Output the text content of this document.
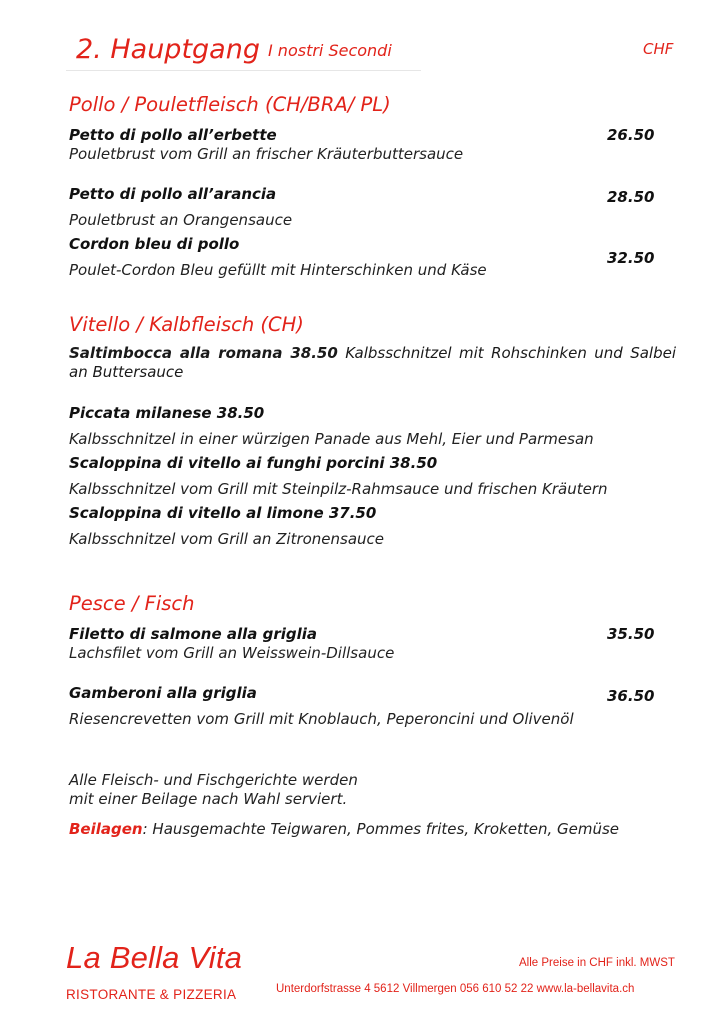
2. Hauptgang I nostri Secondi	CHF
Pollo / Pouletfleisch (CH/BRA/ PL)
Petto di pollo all’erbette
Pouletbrust vom Grill an frischer Kräuterbuttersauce
26.50
Petto di pollo all’arancia
Pouletbrust an Orangensauce
28.50
Cordon bleu di pollo
Poulet-Cordon Bleu gefüllt mit Hinterschinken und Käse
32.50
Vitello / Kalbfleisch (CH)
Saltimbocca alla romana 38.50 Kalbsschnitzel mit Rohschinken und Salbei an Buttersauce
Piccata milanese 38.50
Kalbsschnitzel in einer würzigen Panade aus Mehl, Eier und Parmesan
Scaloppina di vitello ai funghi porcini 38.50
Kalbsschnitzel vom Grill mit Steinpilz-Rahmsauce und frischen Kräutern
Scaloppina di vitello al limone 37.50
Kalbsschnitzel vom Grill an Zitronensauce
Pesce / Fisch
Filetto di salmone alla griglia
Lachsfilet vom Grill an Weisswein-Dillsauce
35.50
Gamberoni alla griglia
Riesencrevetten vom Grill mit Knoblauch, Peperoncini und Olivenöl
36.50
Alle Fleisch- und Fischgerichte werden
mit einer Beilage nach Wahl serviert.
Beilagen: Hausgemachte Teigwaren, Pommes frites, Kroketten, Gemüse
La Bella Vita
RISTORANTE & PIZZERIA
Alle Preise in CHF inkl. MWST
Unterdorfstrasse 4 5612 Villmergen 056 610 52 22 www.la-bellavita.ch
